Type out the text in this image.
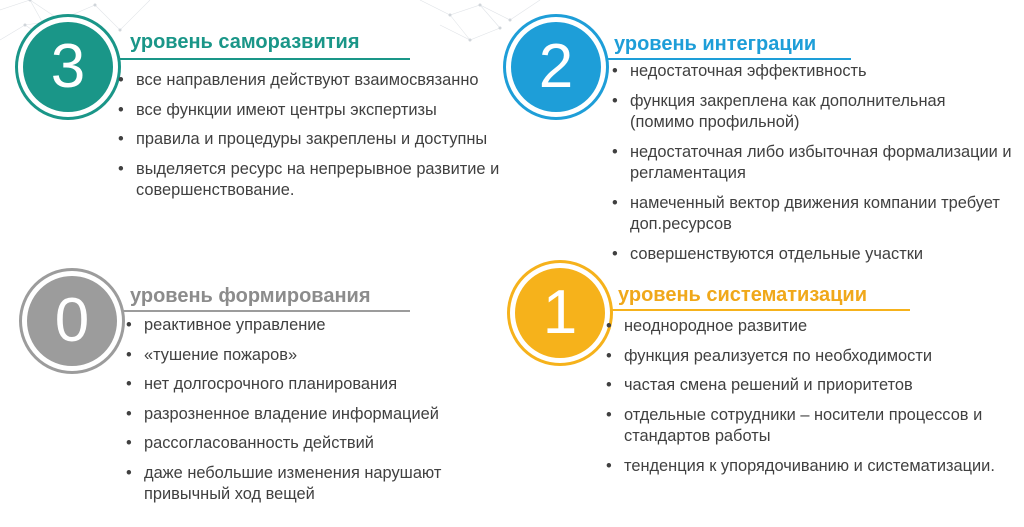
3 уровень саморазвития
• все направления действуют взаимосвязанно
• все функции имеют центры экспертизы
• правила и процедуры закреплены и доступны
• выделяется ресурс на непрерывное развитие и совершенствование.
2 уровень интеграции
• недостаточная эффективность
• функция закреплена как дополнительная (помимо профильной)
• недостаточная либо избыточная формализации и регламентация
• намеченный вектор движения компании требует доп.ресурсов
• совершенствуются отдельные участки
0 уровень формирования
• реактивное управление
• «тушение пожаров»
• нет долгосрочного планирования
• разрозненное владение информацией
• рассогласованность действий
• даже небольшие изменения нарушают привычный ход вещей
1 уровень систематизации
• неоднородное развитие
• функция реализуется по необходимости
• частая смена решений и приоритетов
• отдельные сотрудники – носители процессов и стандартов работы
• тенденция к упорядочиванию и систематизации.
